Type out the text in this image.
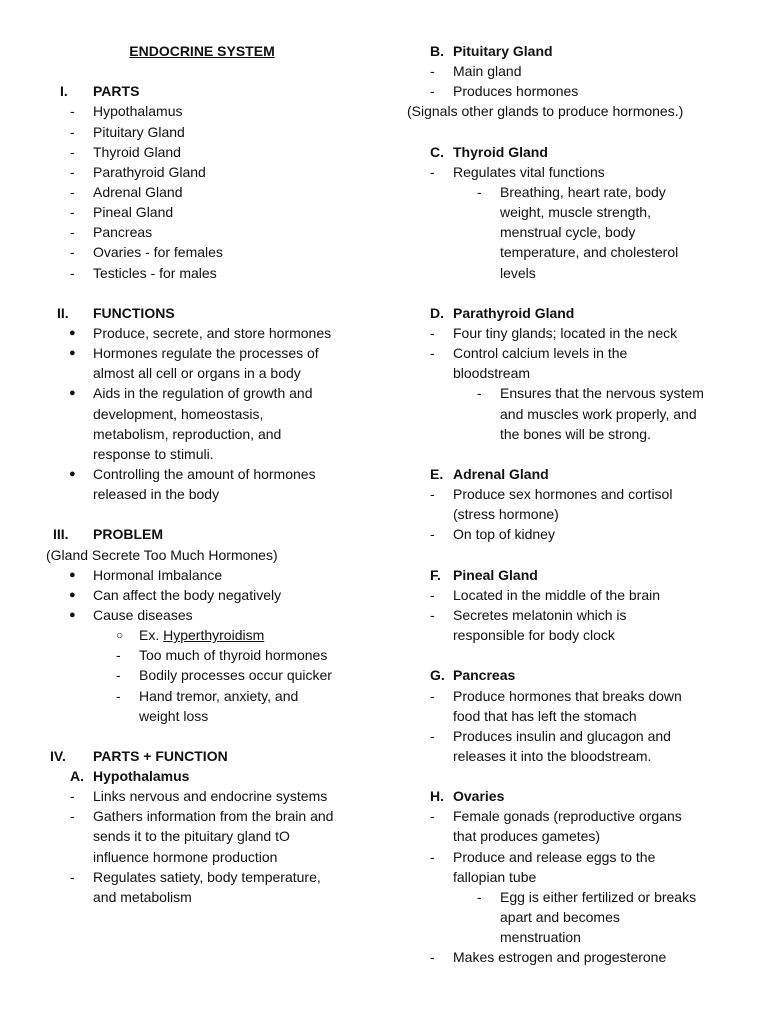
ENDOCRINE SYSTEM
I. PARTS
- Hypothalamus
- Pituitary Gland
- Thyroid Gland
- Parathyroid Gland
- Adrenal Gland
- Pineal Gland
- Pancreas
- Ovaries - for females
- Testicles - for males
II. FUNCTIONS
● Produce, secrete, and store hormones
● Hormones regulate the processes of
almost all cell or organs in a body
● Aids in the regulation of growth and
development, homeostasis,
metabolism, reproduction, and
response to stimuli.
● Controlling the amount of hormones
released in the body
III. PROBLEM
(Gland Secrete Too Much Hormones)
● Hormonal Imbalance
● Can affect the body negatively
● Cause diseases
○ Ex. Hyperthyroidism
- Too much of thyroid hormones
- Bodily processes occur quicker
- Hand tremor, anxiety, and
weight loss
IV. PARTS + FUNCTION
A. Hypothalamus
- Links nervous and endocrine systems
- Gathers information from the brain and
sends it to the pituitary gland tO
influence hormone production
- Regulates satiety, body temperature,
and metabolism
B. Pituitary Gland
- Main gland
- Produces hormones
(Signals other glands to produce hormones.)
C. Thyroid Gland
- Regulates vital functions
- Breathing, heart rate, body
weight, muscle strength,
menstrual cycle, body
temperature, and cholesterol
levels
D. Parathyroid Gland
- Four tiny glands; located in the neck
- Control calcium levels in the
bloodstream
- Ensures that the nervous system
and muscles work properly, and
the bones will be strong.
E. Adrenal Gland
- Produce sex hormones and cortisol
(stress hormone)
- On top of kidney
F. Pineal Gland
- Located in the middle of the brain
- Secretes melatonin which is
responsible for body clock
G. Pancreas
- Produce hormones that breaks down
food that has left the stomach
- Produces insulin and glucagon and
releases it into the bloodstream.
H. Ovaries
- Female gonads (reproductive organs
that produces gametes)
- Produce and release eggs to the
fallopian tube
- Egg is either fertilized or breaks
apart and becomes
menstruation
- Makes estrogen and progesterone
